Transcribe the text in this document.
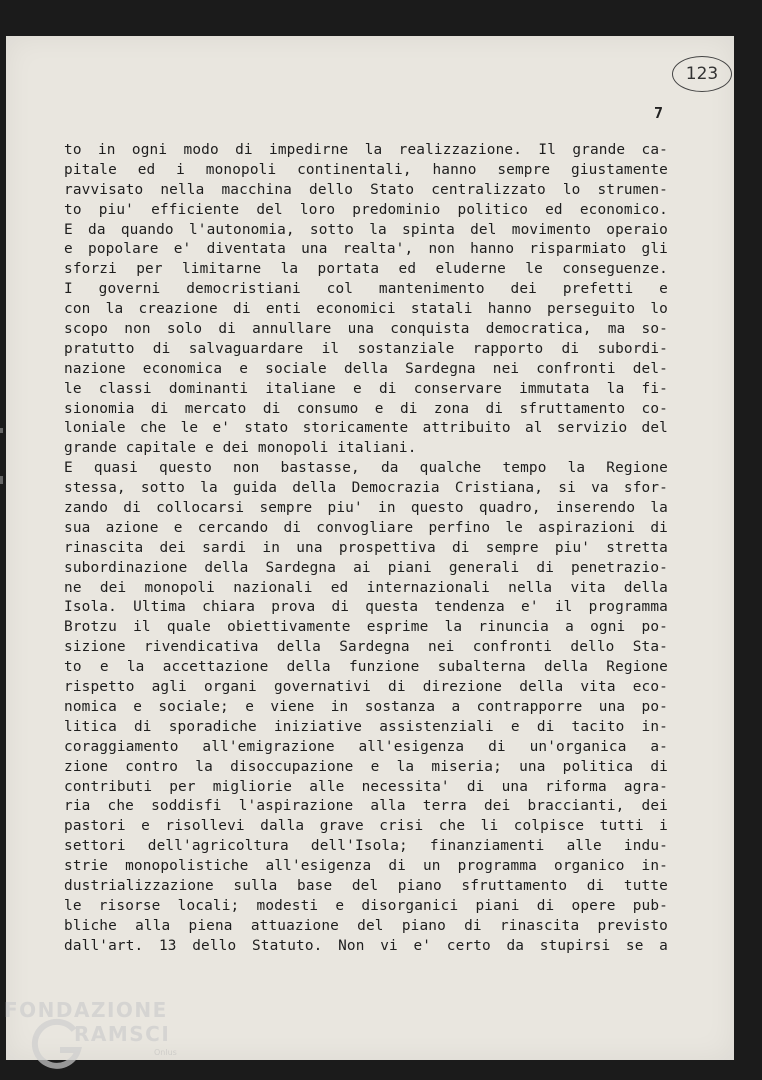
123
7
to in ogni modo di impedirne la realizzazione. Il grande ca-
pitale ed i monopoli continentali, hanno sempre giustamente
ravvisato nella macchina dello Stato centralizzato lo strumen-
to piu' efficiente del loro predominio politico ed economico.
E da quando l'autonomia, sotto la spinta del movimento operaio
e popolare e' diventata una realta', non hanno risparmiato gli
sforzi per limitarne la portata ed eluderne le conseguenze.
I governi democristiani col mantenimento dei prefetti e
con la creazione di enti economici statali hanno perseguito lo
scopo non solo di annullare una conquista democratica, ma so-
pratutto di salvaguardare il sostanziale rapporto di subordi-
nazione economica e sociale della Sardegna nei confronti del-
le classi dominanti italiane e di conservare immutata la fi-
sionomia di mercato di consumo e di zona di sfruttamento co-
loniale che le e' stato storicamente attribuito al servizio del
grande capitale e dei monopoli italiani.
E quasi questo non bastasse, da qualche tempo la Regione
stessa, sotto la guida della Democrazia Cristiana, si va sfor-
zando di collocarsi sempre piu' in questo quadro, inserendo la
sua azione e cercando di convogliare perfino le aspirazioni di
rinascita dei sardi in una prospettiva di sempre piu' stretta
subordinazione della Sardegna ai piani generali di penetrazio-
ne dei monopoli nazionali ed internazionali nella vita della
Isola. Ultima chiara prova di questa tendenza e' il programma
Brotzu il quale obiettivamente esprime la rinuncia a ogni po-
sizione rivendicativa della Sardegna nei confronti dello Sta-
to e la accettazione della funzione subalterna della Regione
rispetto agli organi governativi di direzione della vita eco-
nomica e sociale; e viene in sostanza a contrapporre una po-
litica di sporadiche iniziative assistenziali e di tacito in-
coraggiamento all'emigrazione all'esigenza di un'organica a-
zione contro la disoccupazione e la miseria; una politica di
contributi per migliorie alle necessita' di una riforma agra-
ria che soddisfi l'aspirazione alla terra dei braccianti, dei
pastori e risollevi dalla grave crisi che li colpisce tutti i
settori dell'agricoltura dell'Isola; finanziamenti alle indu-
strie monopolistiche all'esigenza di un programma organico in-
dustrializzazione sulla base del piano sfruttamento di tutte
le risorse locali; modesti e disorganici piani di opere pub-
bliche alla piena attuazione del piano di rinascita previsto
dall'art. 13 dello Statuto. Non vi e' certo da stupirsi se a
FONDAZIONE
RAMSCI
Onlus
